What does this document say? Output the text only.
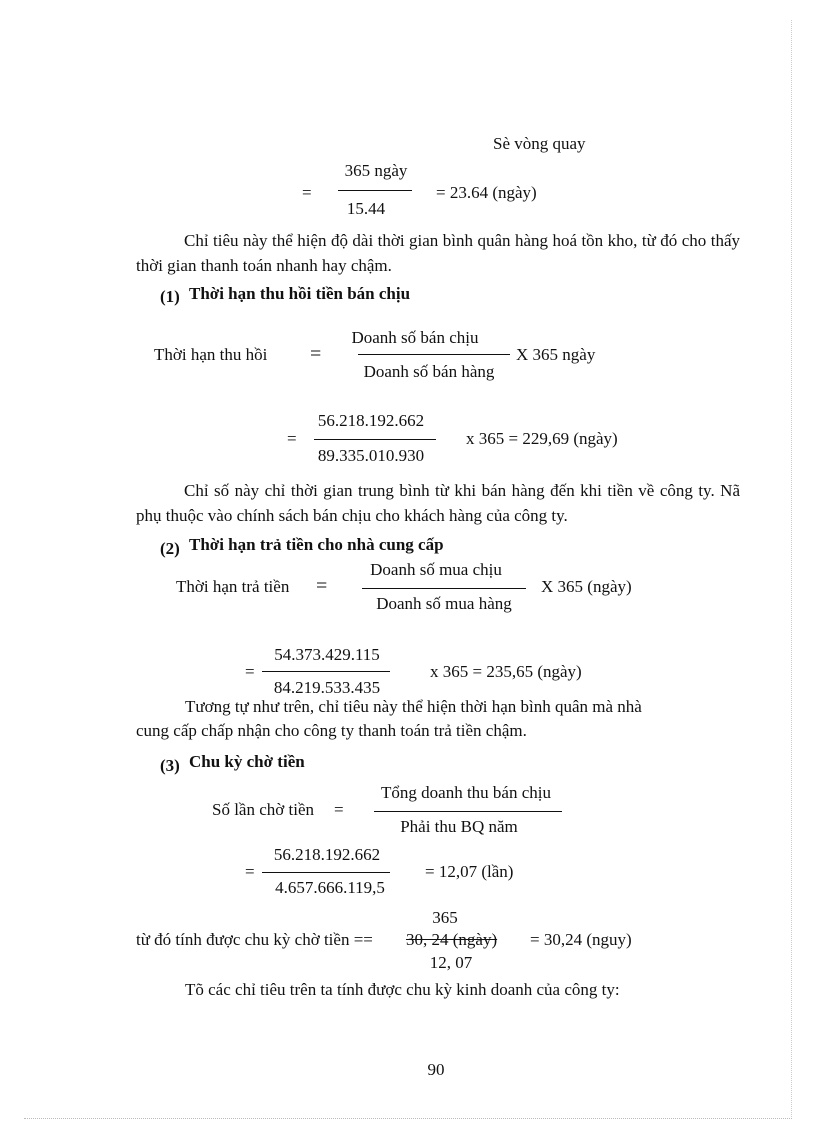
Sè vòng quay
=
365 ngày
15.44
= 23.64 (ngày)
Chỉ tiêu này thể hiện độ dài thời gian bình quân hàng hoá tồn kho, từ đó cho thấy thời gian thanh toán nhanh hay chậm.
(1) Thời hạn thu hồi tiền bán chịu
Thời hạn thu hồi =
Doanh số bán chịu
Doanh số bán hàng
X 365 ngày
=
56.218.192.662
89.335.010.930
x 365 = 229,69 (ngày)
Chỉ số này chỉ thời gian trung bình từ khi bán hàng đến khi tiền về công ty. Nã phụ thuộc vào chính sách bán chịu cho khách hàng của công ty.
(2) Thời hạn trả tiền cho nhà cung cấp
Thời hạn trả tiền =
Doanh số mua chịu
Doanh số mua hàng
X 365 (ngày)
=
54.373.429.115
84.219.533.435
x 365 = 235,65 (ngày)
Tương tự như trên, chỉ tiêu này thể hiện thời hạn bình quân mà nhà
cung cấp chấp nhận cho công ty thanh toán trả tiền chậm.
(3) Chu kỳ chờ tiền
Số lần chờ tiền =
Tổng doanh thu bán chịu
Phải thu BQ năm
=
56.218.192.662
4.657.666.119,5
= 12,07 (lần)
365
từ đó tính được chu kỳ chờ tiền == 30, 24 (ngày) = 30,24 (nguy)
12, 07
Tõ các chỉ tiêu trên ta tính được chu kỳ kinh doanh của công ty:
90
